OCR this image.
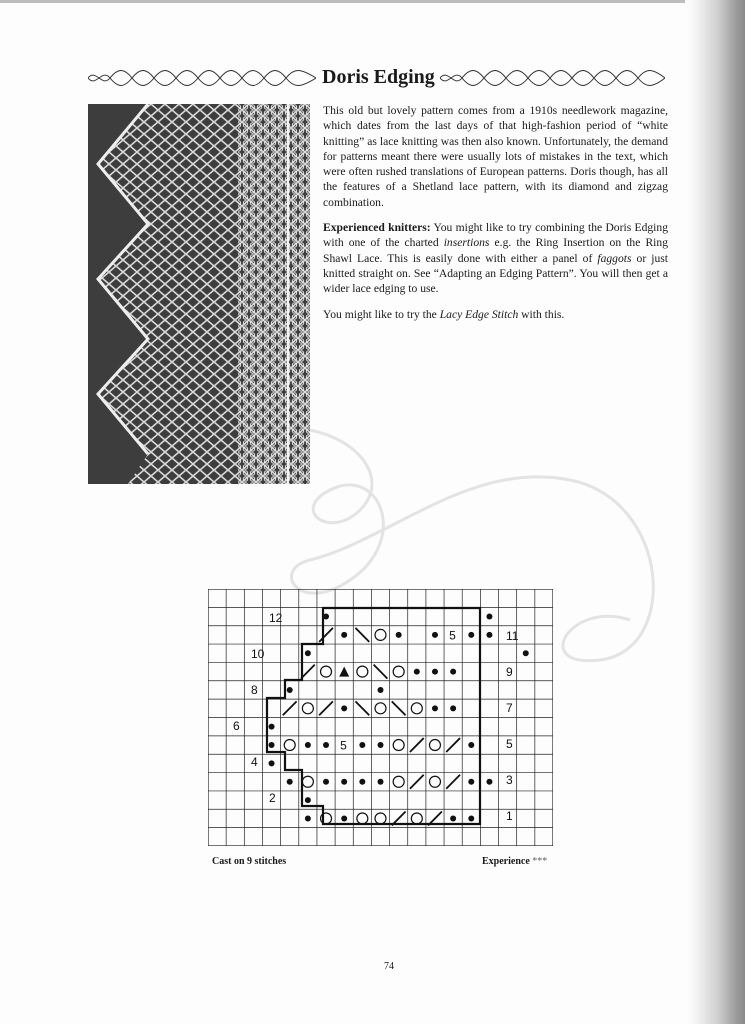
Doris Edging

This old but lovely pattern comes from a 1910s needlework magazine, which dates from the last days of that high-fashion period of “white knitting” as lace knitting was then also known. Unfortunately, the demand for patterns meant there were usually lots of mistakes in the text, which were often rushed translations of European patterns. Doris though, has all the features of a Shetland lace pattern, with its diamond and zigzag combination.

Experienced knitters: You might like to try combining the Doris Edging with one of the charted insertions e.g. the Ring Insertion on the Ring Shawl Lace. This is easily done with either a panel of faggots or just knitted straight on. See “Adapting an Edging Pattern”. You will then get a wider lace edging to use.

You might like to try the Lacy Edge Stitch with this.

5
5
12
10
8
6
4
2
11
9
7
5
3
1
Cast on 9 stitches	Experience ***
74
